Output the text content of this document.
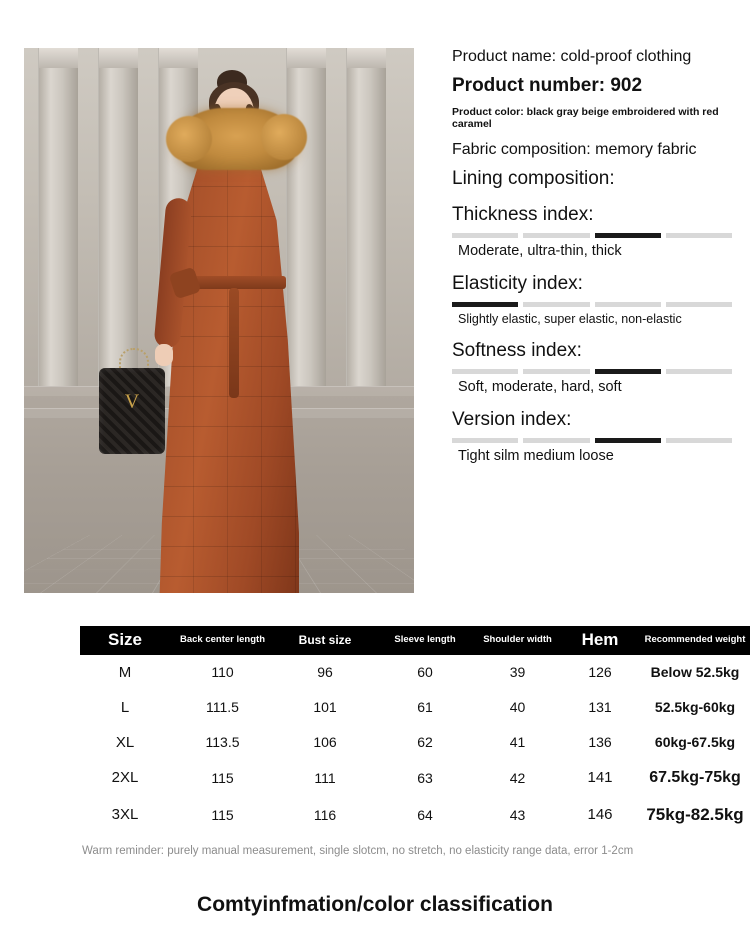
V

Product name: cold-proof clothing

Product number: 902

Product color: black gray beige embroidered with red caramel

Fabric composition: memory fabric

Lining composition:

Thickness index:
Moderate, ultra-thin, thick
Elasticity index:
Slightly elastic, super elastic, non-elastic
Softness index:
Soft, moderate, hard, soft
Version index:
Tight silm medium loose
Size	Back center length	Bust size	Sleeve length	Shoulder width	Hem	Recommended weight
M	110	96	60	39	126	Below 52.5kg
L	111.5	101	61	40	131	52.5kg-60kg
XL	113.5	106	62	41	136	60kg-67.5kg
2XL	115	111	63	42	141	67.5kg-75kg
3XL	115	116	64	43	146	75kg-82.5kg
Warm reminder: purely manual measurement, single slotcm, no stretch, no elasticity range data, error 1-2cm
Comtyinfmation/color classification
